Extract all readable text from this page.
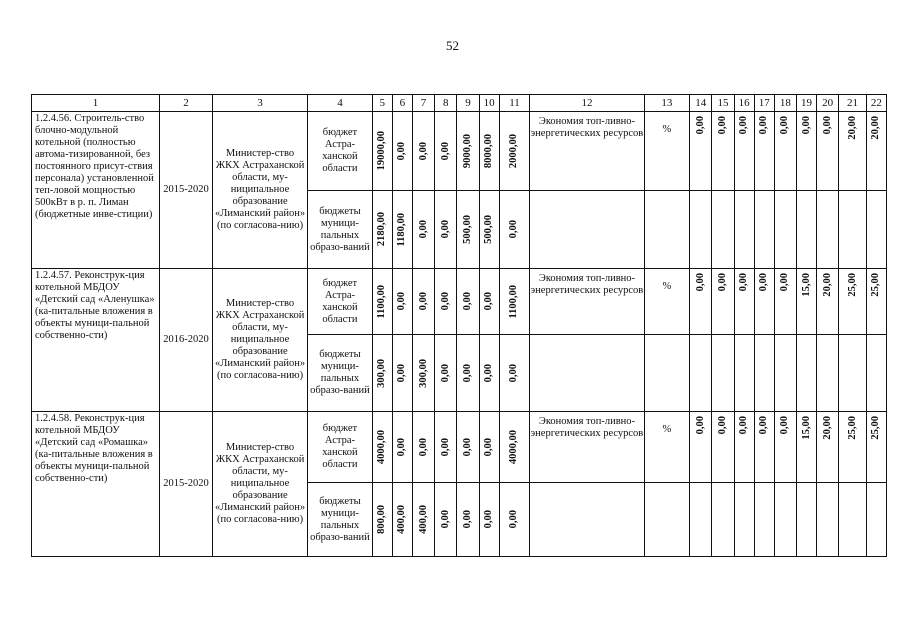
52
1	2	3	4	5	6	7	8	9	10	11	12	13	14	15	16	17	18	19	20	21	22
1.2.4.56. Строитель-ство блочно-модульной котельной (полностью автома-тизированной, без постоянного присут-ствия персонала) установленной теп-ловой мощностью 500кВт в р. п. Лиман (бюджетные инве-стиции)	2015-2020	Министер-ство ЖКХ Астраханской области, му-ниципальное образование «Лиманский район» (по согласова-нию)	бюджет Астра-ханской области	19000,00	0,00	0,00	0,00	9000,00	8000,00	2000,00	Экономия топ-ливно-энергетических ресурсов	%	0,00	0,00	0,00	0,00	0,00	0,00	0,00	20,00	20,00

			бюджеты муници-пальных образо-ваний	2180,00	1180,00	0,00	0,00	500,00	500,00	0,00											

1.2.4.57. Реконструк-ция котельной МБДОУ «Детский сад «Аленушка» (ка-питальные вложения в объекты муници-пальной собственно-сти)	2016-2020	Министер-ство ЖКХ Астраханской области, му-ниципальное образование «Лиманский район» (по согласова-нию)	бюджет Астра-ханской области	1100,00	0,00	0,00	0,00	0,00	0,00	1100,00	Экономия топ-ливно-энергетических ресурсов	%	0,00	0,00	0,00	0,00	0,00	15,00	20,00	25,00	25,00

			бюджеты муници-пальных образо-ваний	300,00	0,00	300,00	0,00	0,00	0,00	0,00											

1.2.4.58. Реконструк-ция котельной МБДОУ «Детский сад «Ромашка» (ка-питальные вложения в объекты муници-пальной собственно-сти)	2015-2020	Министер-ство ЖКХ Астраханской области, му-ниципальное образование «Лиманский район» (по согласова-нию)	бюджет Астра-ханской области	4000,00	0,00	0,00	0,00	0,00	0,00	4000,00	Экономия топ-ливно-энергетических ресурсов	%	0,00	0,00	0,00	0,00	0,00	15,00	20,00	25,00	25,00

			бюджеты муници-пальных образо-ваний	800,00	400,00	400,00	0,00	0,00	0,00	0,00											
